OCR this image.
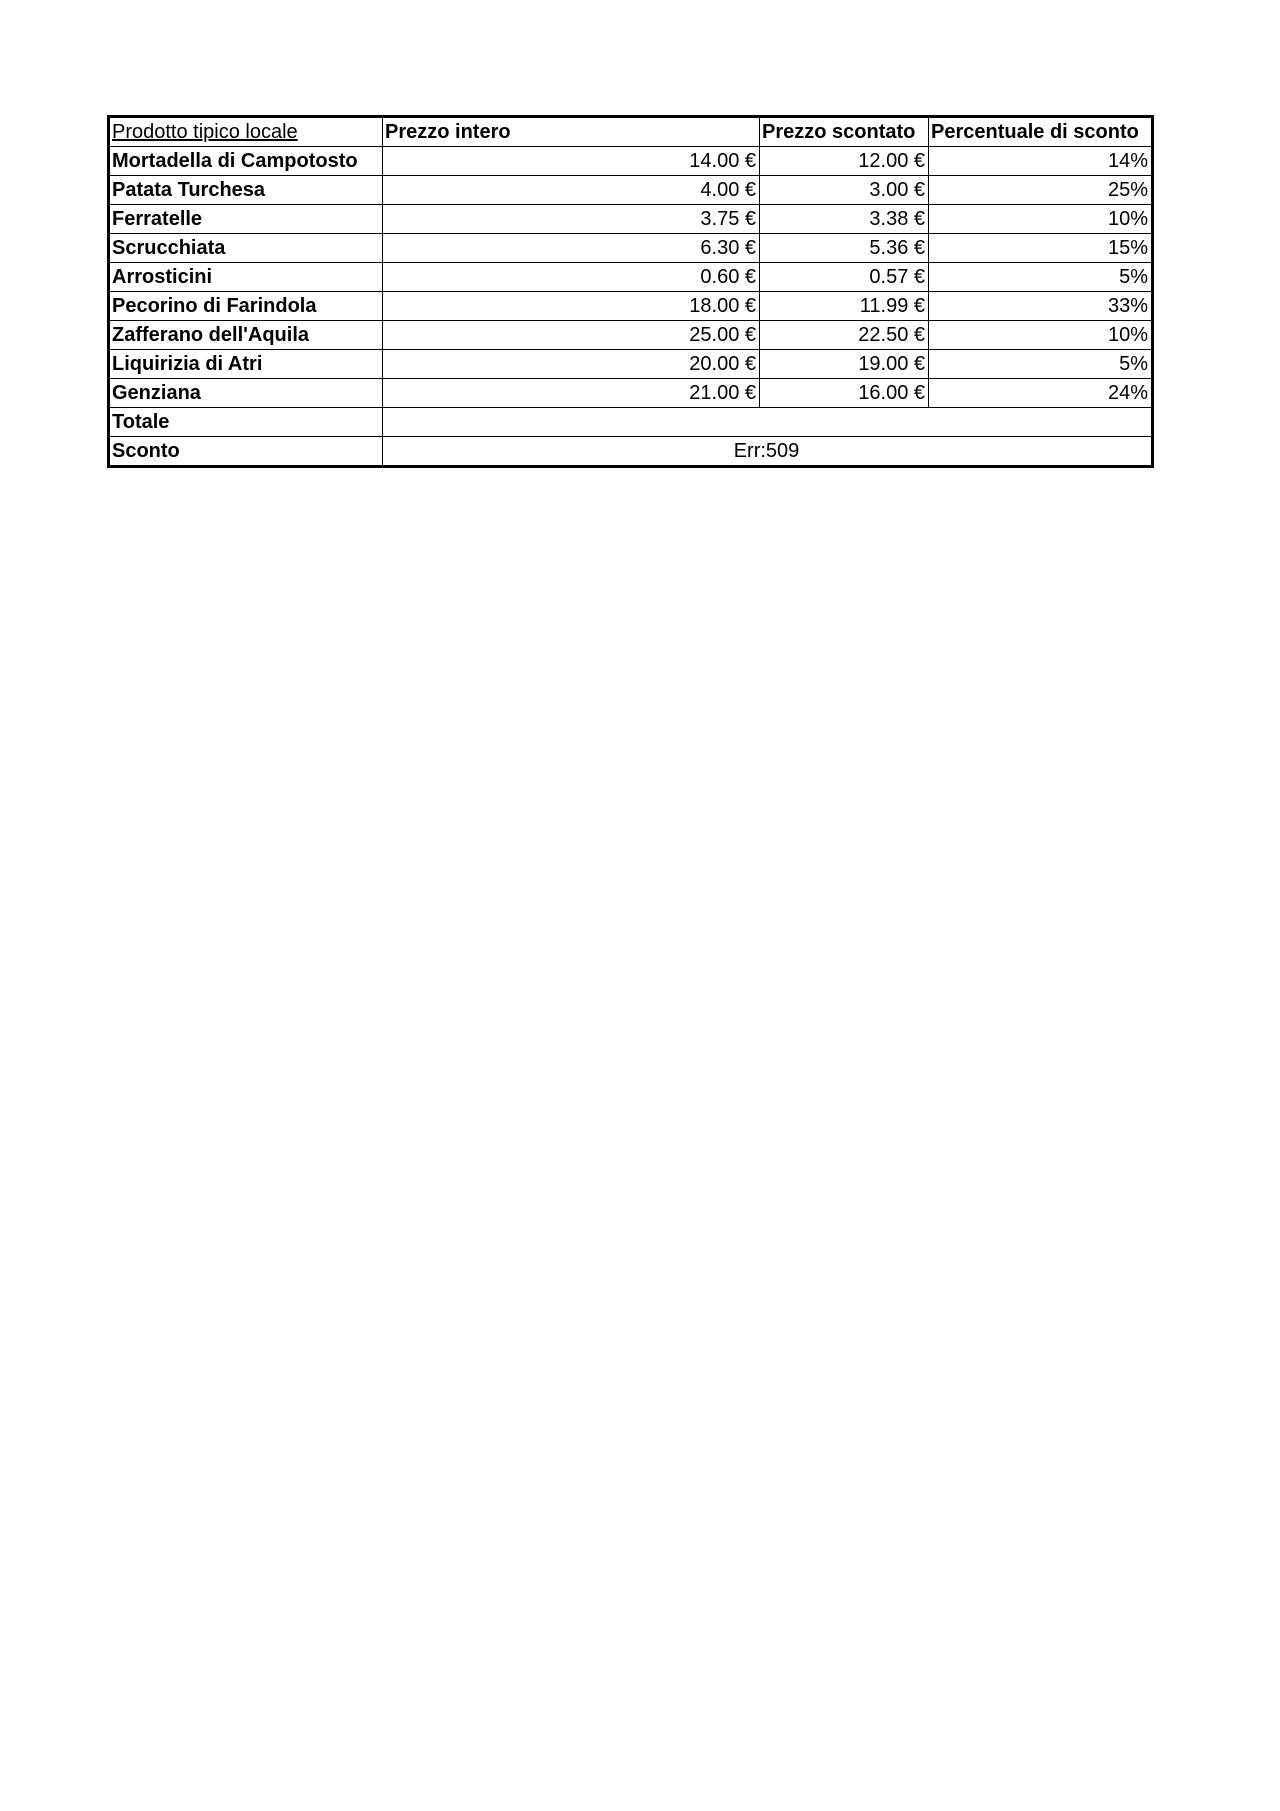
Prodotto tipico locale	Prezzo intero	Prezzo scontato	Percentuale di sconto
Mortadella di Campotosto	14.00 €	12.00 €	14%
Patata Turchesa	4.00 €	3.00 €	25%
Ferratelle	3.75 €	3.38 €	10%
Scrucchiata	6.30 €	5.36 €	15%
Arrosticini	0.60 €	0.57 €	5%
Pecorino di Farindola	18.00 €	11.99 €	33%
Zafferano dell'Aquila	25.00 €	22.50 €	10%
Liquirizia di Atri	20.00 €	19.00 €	5%
Genziana	21.00 €	16.00 €	24%
Totale			
Sconto	Err:509		
